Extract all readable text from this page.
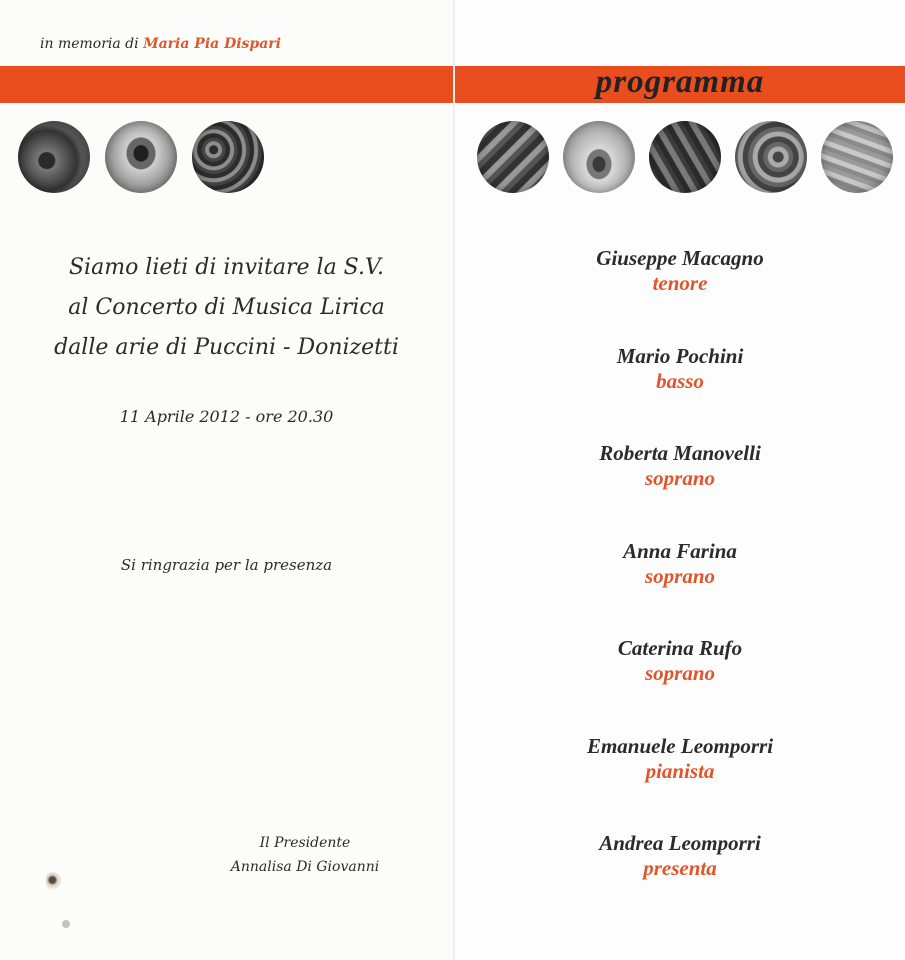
in memoria di Maria Pia Dispari
programma
Siamo lieti di invitare la S.V.
al Concerto di Musica Lirica
dalle arie di Puccini - Donizetti
11 Aprile 2012 - ore 20.30
Si ringrazia per la presenza
Il Presidente
Annalisa Di Giovanni
Giuseppe Macagno
tenore
Mario Pochini
basso
Roberta Manovelli
soprano
Anna Farina
soprano
Caterina Rufo
soprano
Emanuele Leomporri
pianista
Andrea Leomporri
presenta
